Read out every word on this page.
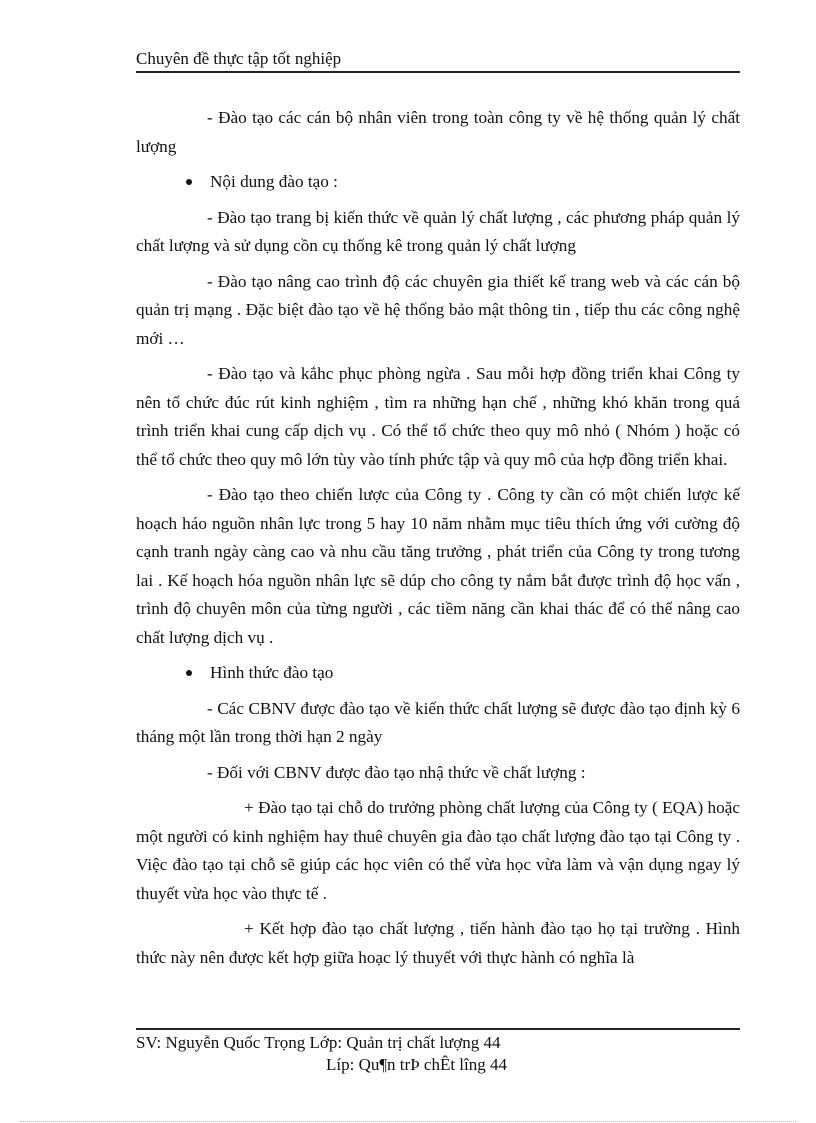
Chuyên đề thực tập tốt nghiệp

- Đào tạo các cán bộ nhân viên trong toàn công ty về hệ thống quản lý chất lượng

Nội dung đào tạo :

- Đào tạo trang bị kiến thức về quản lý chất lượng , các phương pháp quản lý chất lượng và sử dụng cồn cụ thống kê trong quản lý chất lượng

- Đào tạo nâng cao trình độ các chuyên gia thiết kế trang web và các cán bộ quản trị mạng . Đặc biệt đào tạo về hệ thống bảo mật thông tin , tiếp thu các công nghệ mới …

- Đào tạo và kắhc phục phòng ngừa . Sau mỗi hợp đồng triển khai Công ty nên tổ chức đúc rút kinh nghiệm , tìm ra những hạn chế , những khó khăn trong quá trình triển khai cung cấp dịch vụ . Có thể tổ chức theo quy mô nhỏ ( Nhóm ) hoặc có thể tổ chức theo quy mô lớn tùy vào tính phức tập và quy mô của hợp đồng triển khai.

- Đào tạo theo chiến lược của Công ty . Công ty cần có một chiến lược kế hoạch háo nguồn nhân lực trong 5 hay 10 năm nhằm mục tiêu thích ứng với cường độ cạnh tranh ngày càng cao và nhu cầu tăng trưởng , phát triển của Công ty trong tương lai . Kế hoạch hóa nguồn nhân lực sẽ dúp cho công ty nắm bắt được trình độ học vấn , trình độ chuyên môn của từng người , các tiềm năng cần khai thác để có thể nâng cao chất lượng dịch vụ .

Hình thức đào tạo

- Các CBNV được đào tạo về kiến thức chất lượng sẽ được đào tạo định kỳ 6 tháng một lần trong thời hạn 2 ngày

- Đối với CBNV được đào tạo nhậ thức về chất lượng :

+ Đào tạo tại chỗ do trưởng phòng chất lượng của Công ty ( EQA) hoặc một người có kinh nghiệm hay thuê chuyên gia đào tạo chất lượng đào tạo tại Công ty . Việc đào tạo tại chỗ sẽ giúp các học viên có thể vừa học vừa làm và vận dụng ngay lý thuyết vừa học vào thực tế .

+ Kết hợp đào tạo chất lượng , tiến hành đào tạo họ tại trường . Hình thức này nên được kết hợp giữa hoạc lý thuyết với thực hành có nghĩa là

SV: Nguyễn Quốc Trọng Lớp: Quản trị chất lượng 44
Líp: Qu¶n trÞ chÊt lîng 44
